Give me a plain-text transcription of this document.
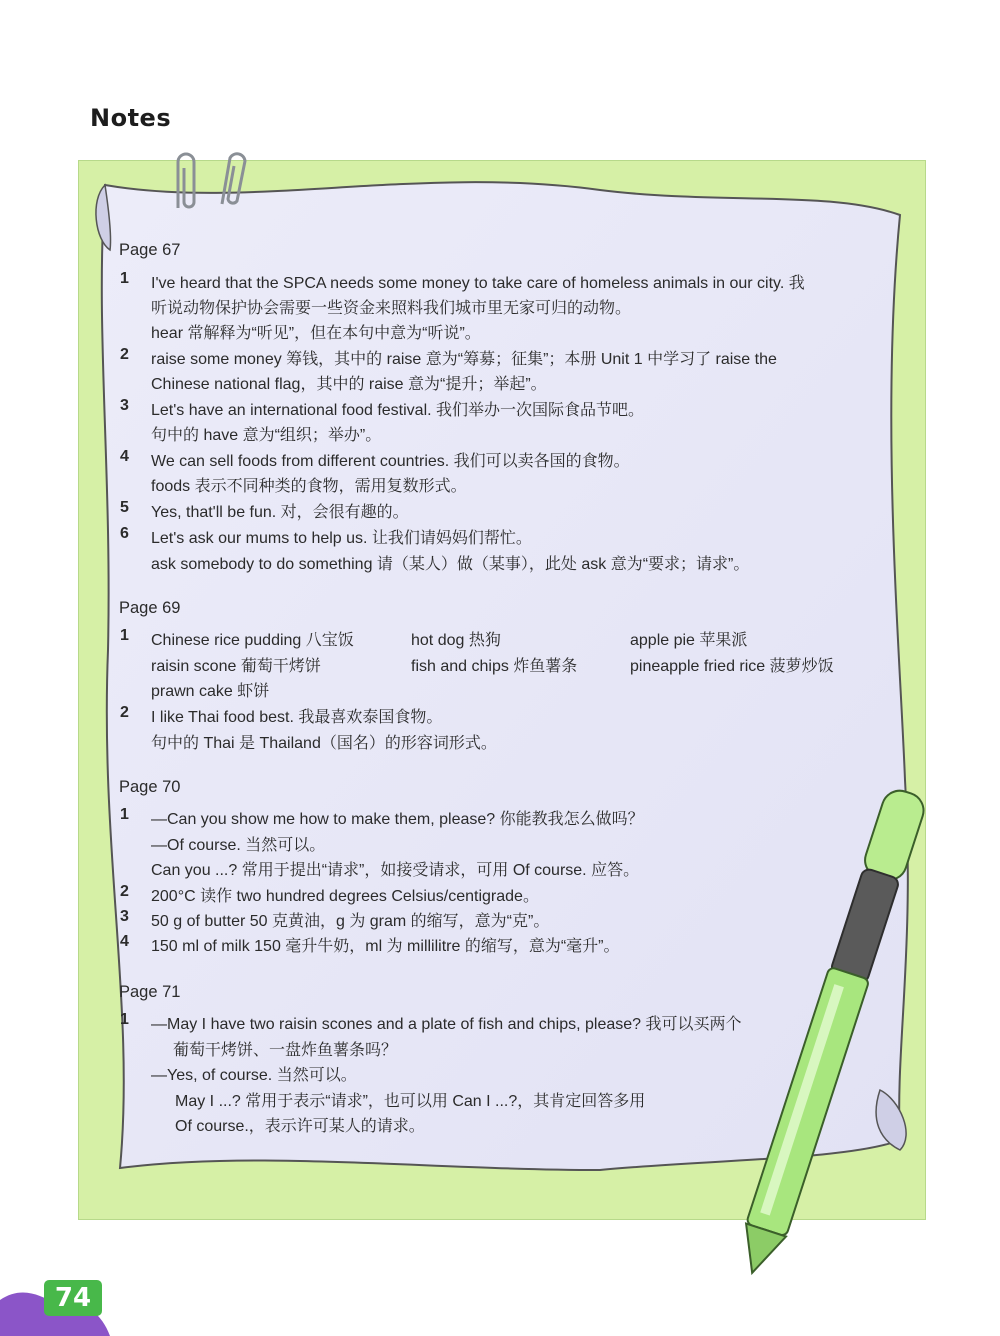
Notes
Page 67
1 I've heard that the SPCA needs some money to take care of homeless animals in our city. 我
听说动物保护协会需要一些资金来照料我们城市里无家可归的动物。
hear 常解释为“听见”，但在本句中意为“听说”。
2 raise some money 筹钱，其中的 raise 意为“筹募；征集”；本册 Unit 1 中学习了 raise the
Chinese national flag，其中的 raise 意为“提升；举起”。
3 Let's have an international food festival. 我们举办一次国际食品节吧。
句中的 have 意为“组织；举办”。
4 We can sell foods from different countries. 我们可以卖各国的食物。
foods 表示不同种类的食物，需用复数形式。
5 Yes, that'll be fun. 对，会很有趣的。
6 Let's ask our mums to help us. 让我们请妈妈们帮忙。
ask somebody to do something 请（某人）做（某事），此处 ask 意为“要求；请求”。
Page 69
1 Chinese rice pudding 八宝饭	hot dog 热狗	apple pie 苹果派
raisin scone 葡萄干烤饼	fish and chips 炸鱼薯条	pineapple fried rice 菠萝炒饭
prawn cake 虾饼
2 I like Thai food best. 我最喜欢泰国食物。
句中的 Thai 是 Thailand（国名）的形容词形式。
Page 70
1 —Can you show me how to make them, please? 你能教我怎么做吗？
—Of course. 当然可以。
Can you ...? 常用于提出“请求”，如接受请求，可用 Of course. 应答。
2 200°C 读作 two hundred degrees Celsius/centigrade。
3 50 g of butter 50 克黄油，g 为 gram 的缩写，意为“克”。
4 150 ml of milk 150 毫升牛奶，ml 为 millilitre 的缩写，意为“毫升”。
Page 71
1 —May I have two raisin scones and a plate of fish and chips, please? 我可以买两个
葡萄干烤饼、一盘炸鱼薯条吗？
—Yes, of course. 当然可以。
May I ...? 常用于表示“请求”，也可以用 Can I ...?，其肯定回答多用
Of course.，表示许可某人的请求。
74
